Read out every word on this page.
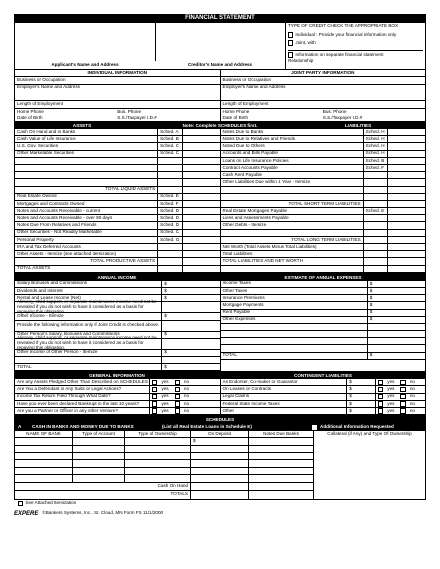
FINANCIAL STATEMENT
Applicant's Name and Address	Creditor's Name and Address
TYPE OF CREDIT CHECK THE APPROPRIATE BOX
Individual : Provide your financial information only
Joint, with
Information on separate financial statement
Relationship
INDIVIDUAL INFORMATION
Business or Occupation
Employer's Name and Address
Length of Employment
Home Phone	Bus. Phone
Date of Birth	S.S./Taxpayer I.D.#
JOINT PARTY INFORMATION
Business or Occupation
Employer's Name and Address
Length of Employment
Home Phone	Bus. Phone
Date of Birth	S.S./Taxpayer I.D.#
ASSETS	Note: Complete SCHEDULES first.	LIABILITIES
Cash On Hand and in Banks	Sched. A
Cash Value of Life Insurance	Sched. B
U.S. Gov. Securities	Sched. C
Other Marketable Securities	Sched. C
TOTAL LIQUID ASSETS
Real Estate Owned	Sched. E
Mortgages and Contracts Owned	Sched. F
Notes and Accounts Receivable - current	Sched. D
Notes and Accounts Receivable - over 90 days	Sched. D
Notes Due From Relatives and Friends	Sched. D
Other Securities - Not Readily Marketable	Sched. C
Personal Property	Sched. G
IRA and Tax Deferred Accounts
Other Assets - Itemize (see attached itemization)
TOTAL PRODUCTIVE ASSETS
TOTAL ASSETS
Notes Due to Banks	Sched. H
Notes Due to Relatives and Friends	Sched. H
Noted Due to Others	Sched. H
Accounts and Bills Payable	Sched. H
Loans on Life Insurance Policies	Sched. B
Contract Accounts Payable	Sched. F
Cash Rent Payable
Other Liabilities Due within 1 Year - Itemize
TOTAL SHORT TERM LIABILITIES
Real Estate Mortgages Payable	Sched. E
Liens and Assessments Payable
Other Debts - Itemize
TOTAL LONG TERM LIABILITIES
Net Worth (Total Assets Minus Total Liabilities)
Total Liabilities
TOTAL LIABILITIES AND NET WORTH
ANNUAL INCOME	ESTIMATE OF ANNUAL EXPENSES
Salary Bonuses and Commissions	$
Dividends and Interest	$
Rental and Lease Income (Net)	$
Alimony, child support, or separate maintenance income need not be revealed if you do not wish to have it considered as a basis for repaying this obligation.
Other Income - Itemize	$
Provide the following information only if Joint Credit is checked above.
Other Person's Salary, Bonuses and Commissions	$
Alimony, child support, or separate maintenance income need not be revealed if you do not wish to have it considered as a basis for repaying this obligation.
Other Income of Other Person - Itemize	$
TOTAL	$
Income Taxes	$
Other Taxes	$
Insurance Premiums	$
Mortgage Payments	$
Rent Payable	$
Other Expenses	$
TOTAL	$
GENERAL INFORMATION	CONTINGENT LIABILITIES
Are any Assets Pledged Other Than Described on SCHEDULES	yes	no
Are You a Defendant in Any Suits or Legal Actions?	yes	no
Income Tax Return Filed Through What Date?	yes	no
Have you ever been declared Bankrupt in the last 10 years?	yes	no
Are you a Partner or Officer in any other Venture?	yes	no
As Endorser, Co-maker or Guarantor	$	yes	no
On Leases or Contracts	$	yes	no
Legal Claims	$	yes	no
Federal State Income Taxes	$	yes	no
Other	$	yes	no
SCHEDULES
A	CASH IN BANKS AND MONEY DUE TO BANKS	(List all Real Estate Loans in Schedule E)	Additional Information Requested
NAME OF BANK	Type of Account	Type of Ownership	On Deposit	Notes Due Banks
$
Cash On Hand
TOTALS
Collateral (if Any) and Type Of Ownership
See Attached Itemization
EXPERE ©Bankers Systems, Inc., St. Cloud, MN Form FS 11/1/2000
